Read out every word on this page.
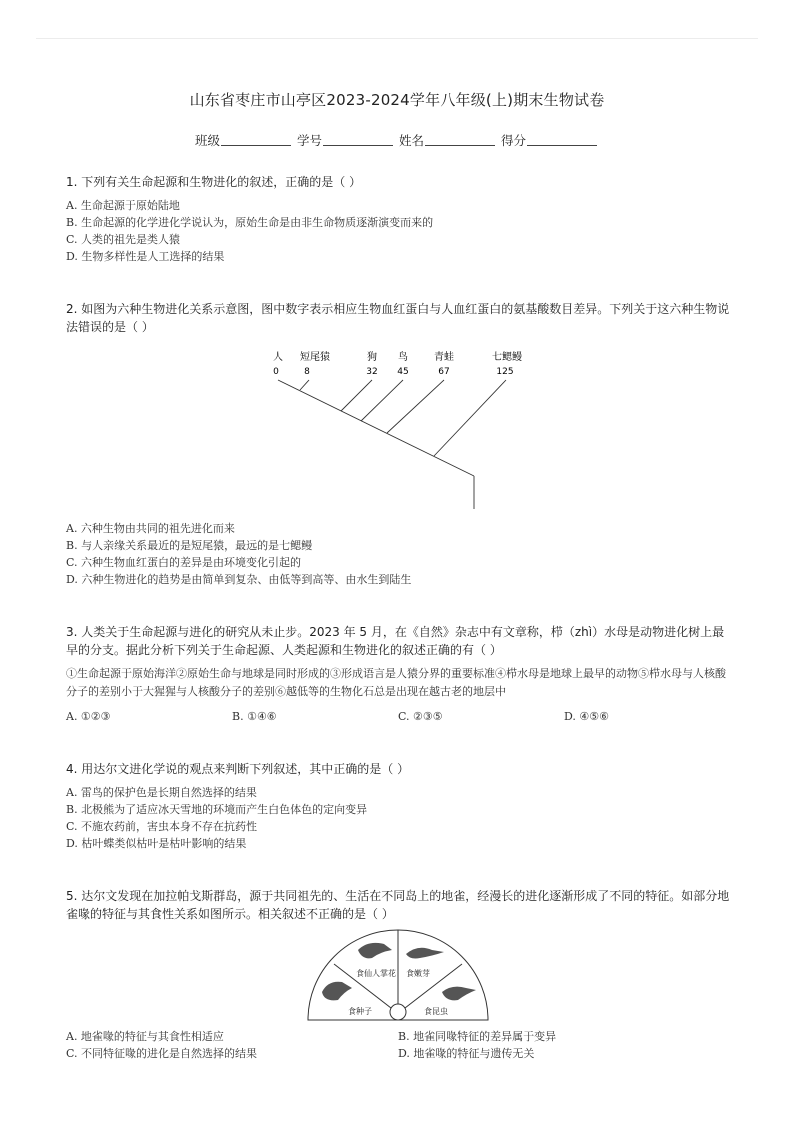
山东省枣庄市山亭区2023-2024学年八年级(上)期末生物试卷
班级	学号	姓名	得分
1. 下列有关生命起源和生物进化的叙述，正确的是（ ）
A. 生命起源于原始陆地
B. 生命起源的化学进化学说认为，原始生命是由非生命物质逐渐演变而来的
C. 人类的祖先是类人猿
D. 生物多样性是人工选择的结果
2. 如图为六种生物进化关系示意图，图中数字表示相应生物血红蛋白与人血红蛋白的氨基酸数目差异。下列关于这六种生物说法错误的是（ ）
人 短尾猿	狗 鸟	青蛙	七鳃鳗
0	8	32 45	67	125
A. 六种生物由共同的祖先进化而来
B. 与人亲缘关系最近的是短尾猿，最远的是七鳃鳗
C. 六种生物血红蛋白的差异是由环境变化引起的
D. 六种生物进化的趋势是由简单到复杂、由低等到高等、由水生到陆生
3. 人类关于生命起源与进化的研究从未止步。2023 年 5 月，在《自然》杂志中有文章称，栉（zhì）水母是动物进化树上最早的分支。据此分析下列关于生命起源、人类起源和生物进化的叙述正确的有（ ）
①生命起源于原始海洋②原始生命与地球是同时形成的③形成语言是人猿分界的重要标准④栉水母是地球上最早的动物⑤栉水母与人核酸分子的差别小于大猩猩与人核酸分子的差别⑥越低等的生物化石总是出现在越古老的地层中
A. ①②③	B. ①④⑥	C. ②③⑤	D. ④⑤⑥
4. 用达尔文进化学说的观点来判断下列叙述，其中正确的是（ ）
A. 雷鸟的保护色是长期自然选择的结果
B. 北极熊为了适应冰天雪地的环境而产生白色体色的定向变异
C. 不施农药前，害虫本身不存在抗药性
D. 枯叶蝶类似枯叶是枯叶影响的结果
5. 达尔文发现在加拉帕戈斯群岛，源于共同祖先的、生活在不同岛上的地雀，经漫长的进化逐渐形成了不同的特征。如部分地雀喙的特征与其食性关系如图所示。相关叙述不正确的是（ ）
食仙人掌花 食嫩芽
食种子	食昆虫
A. 地雀喙的特征与其食性相适应	B. 地雀同喙特征的差异属于变异
C. 不同特征喙的进化是自然选择的结果	D. 地雀喙的特征与遗传无关
